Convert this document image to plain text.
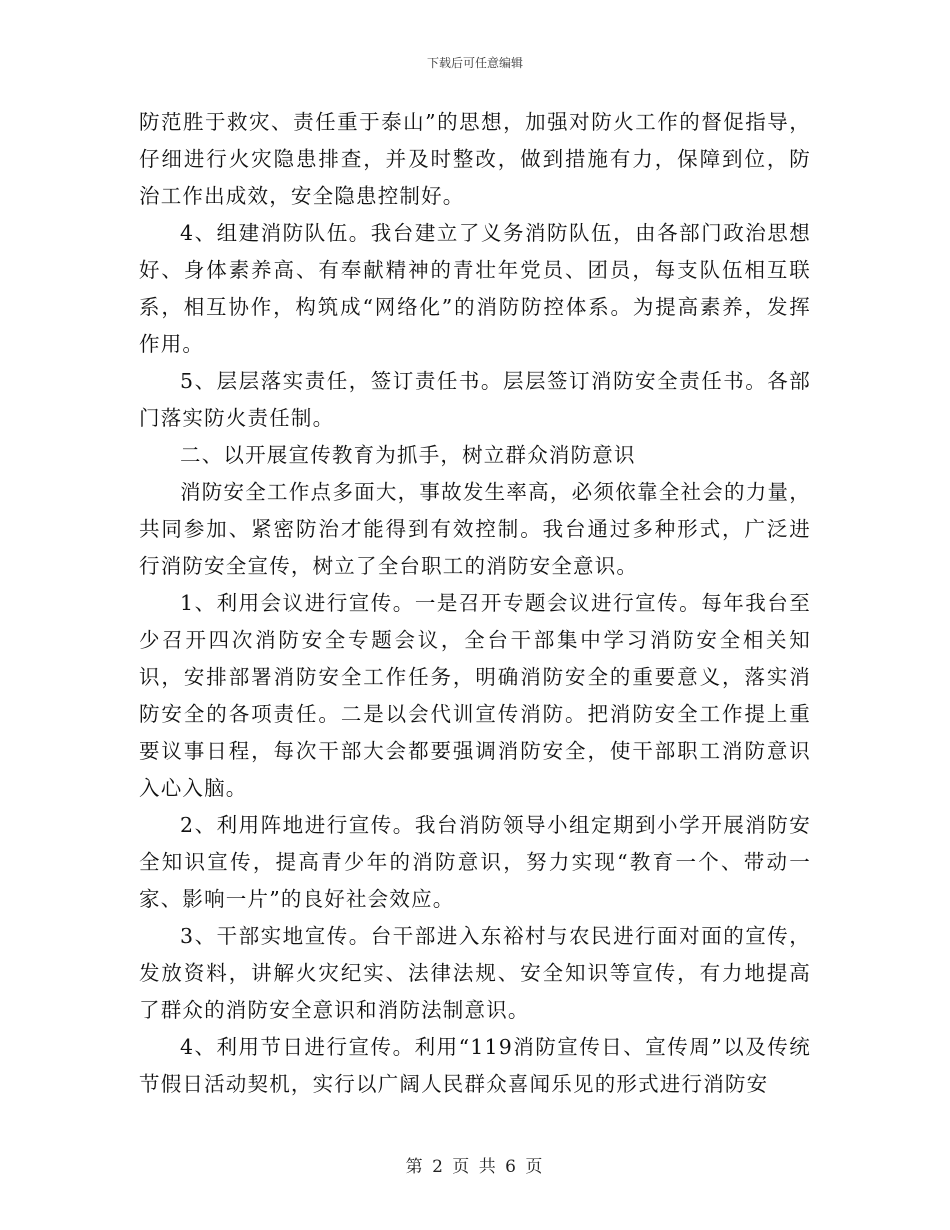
下载后可任意编辑

防范胜于救灾、责任重于泰山”的思想，加强对防火工作的督促指导，仔细进行火灾隐患排查，并及时整改，做到措施有力，保障到位，防治工作出成效，安全隐患控制好。

4、组建消防队伍。我台建立了义务消防队伍，由各部门政治思想好、身体素养高、有奉献精神的青壮年党员、团员，每支队伍相互联系，相互协作，构筑成“网络化”的消防防控体系。为提高素养，发挥作用。

5、层层落实责任，签订责任书。层层签订消防安全责任书。各部门落实防火责任制。

二、以开展宣传教育为抓手，树立群众消防意识

消防安全工作点多面大，事故发生率高，必须依靠全社会的力量，共同参加、紧密防治才能得到有效控制。我台通过多种形式，广泛进行消防安全宣传，树立了全台职工的消防安全意识。

1、利用会议进行宣传。一是召开专题会议进行宣传。每年我台至少召开四次消防安全专题会议，全台干部集中学习消防安全相关知识，安排部署消防安全工作任务，明确消防安全的重要意义，落实消防安全的各项责任。二是以会代训宣传消防。把消防安全工作提上重要议事日程，每次干部大会都要强调消防安全，使干部职工消防意识入心入脑。

2、利用阵地进行宣传。我台消防领导小组定期到小学开展消防安全知识宣传，提高青少年的消防意识，努力实现“教育一个、带动一家、影响一片”的良好社会效应。

3、干部实地宣传。台干部进入东裕村与农民进行面对面的宣传，发放资料，讲解火灾纪实、法律法规、安全知识等宣传，有力地提高了群众的消防安全意识和消防法制意识。

4、利用节日进行宣传。利用“119消防宣传日、宣传周”以及传统节假日活动契机，实行以广阔人民群众喜闻乐见的形式进行消防安

第 2 页 共 6 页
